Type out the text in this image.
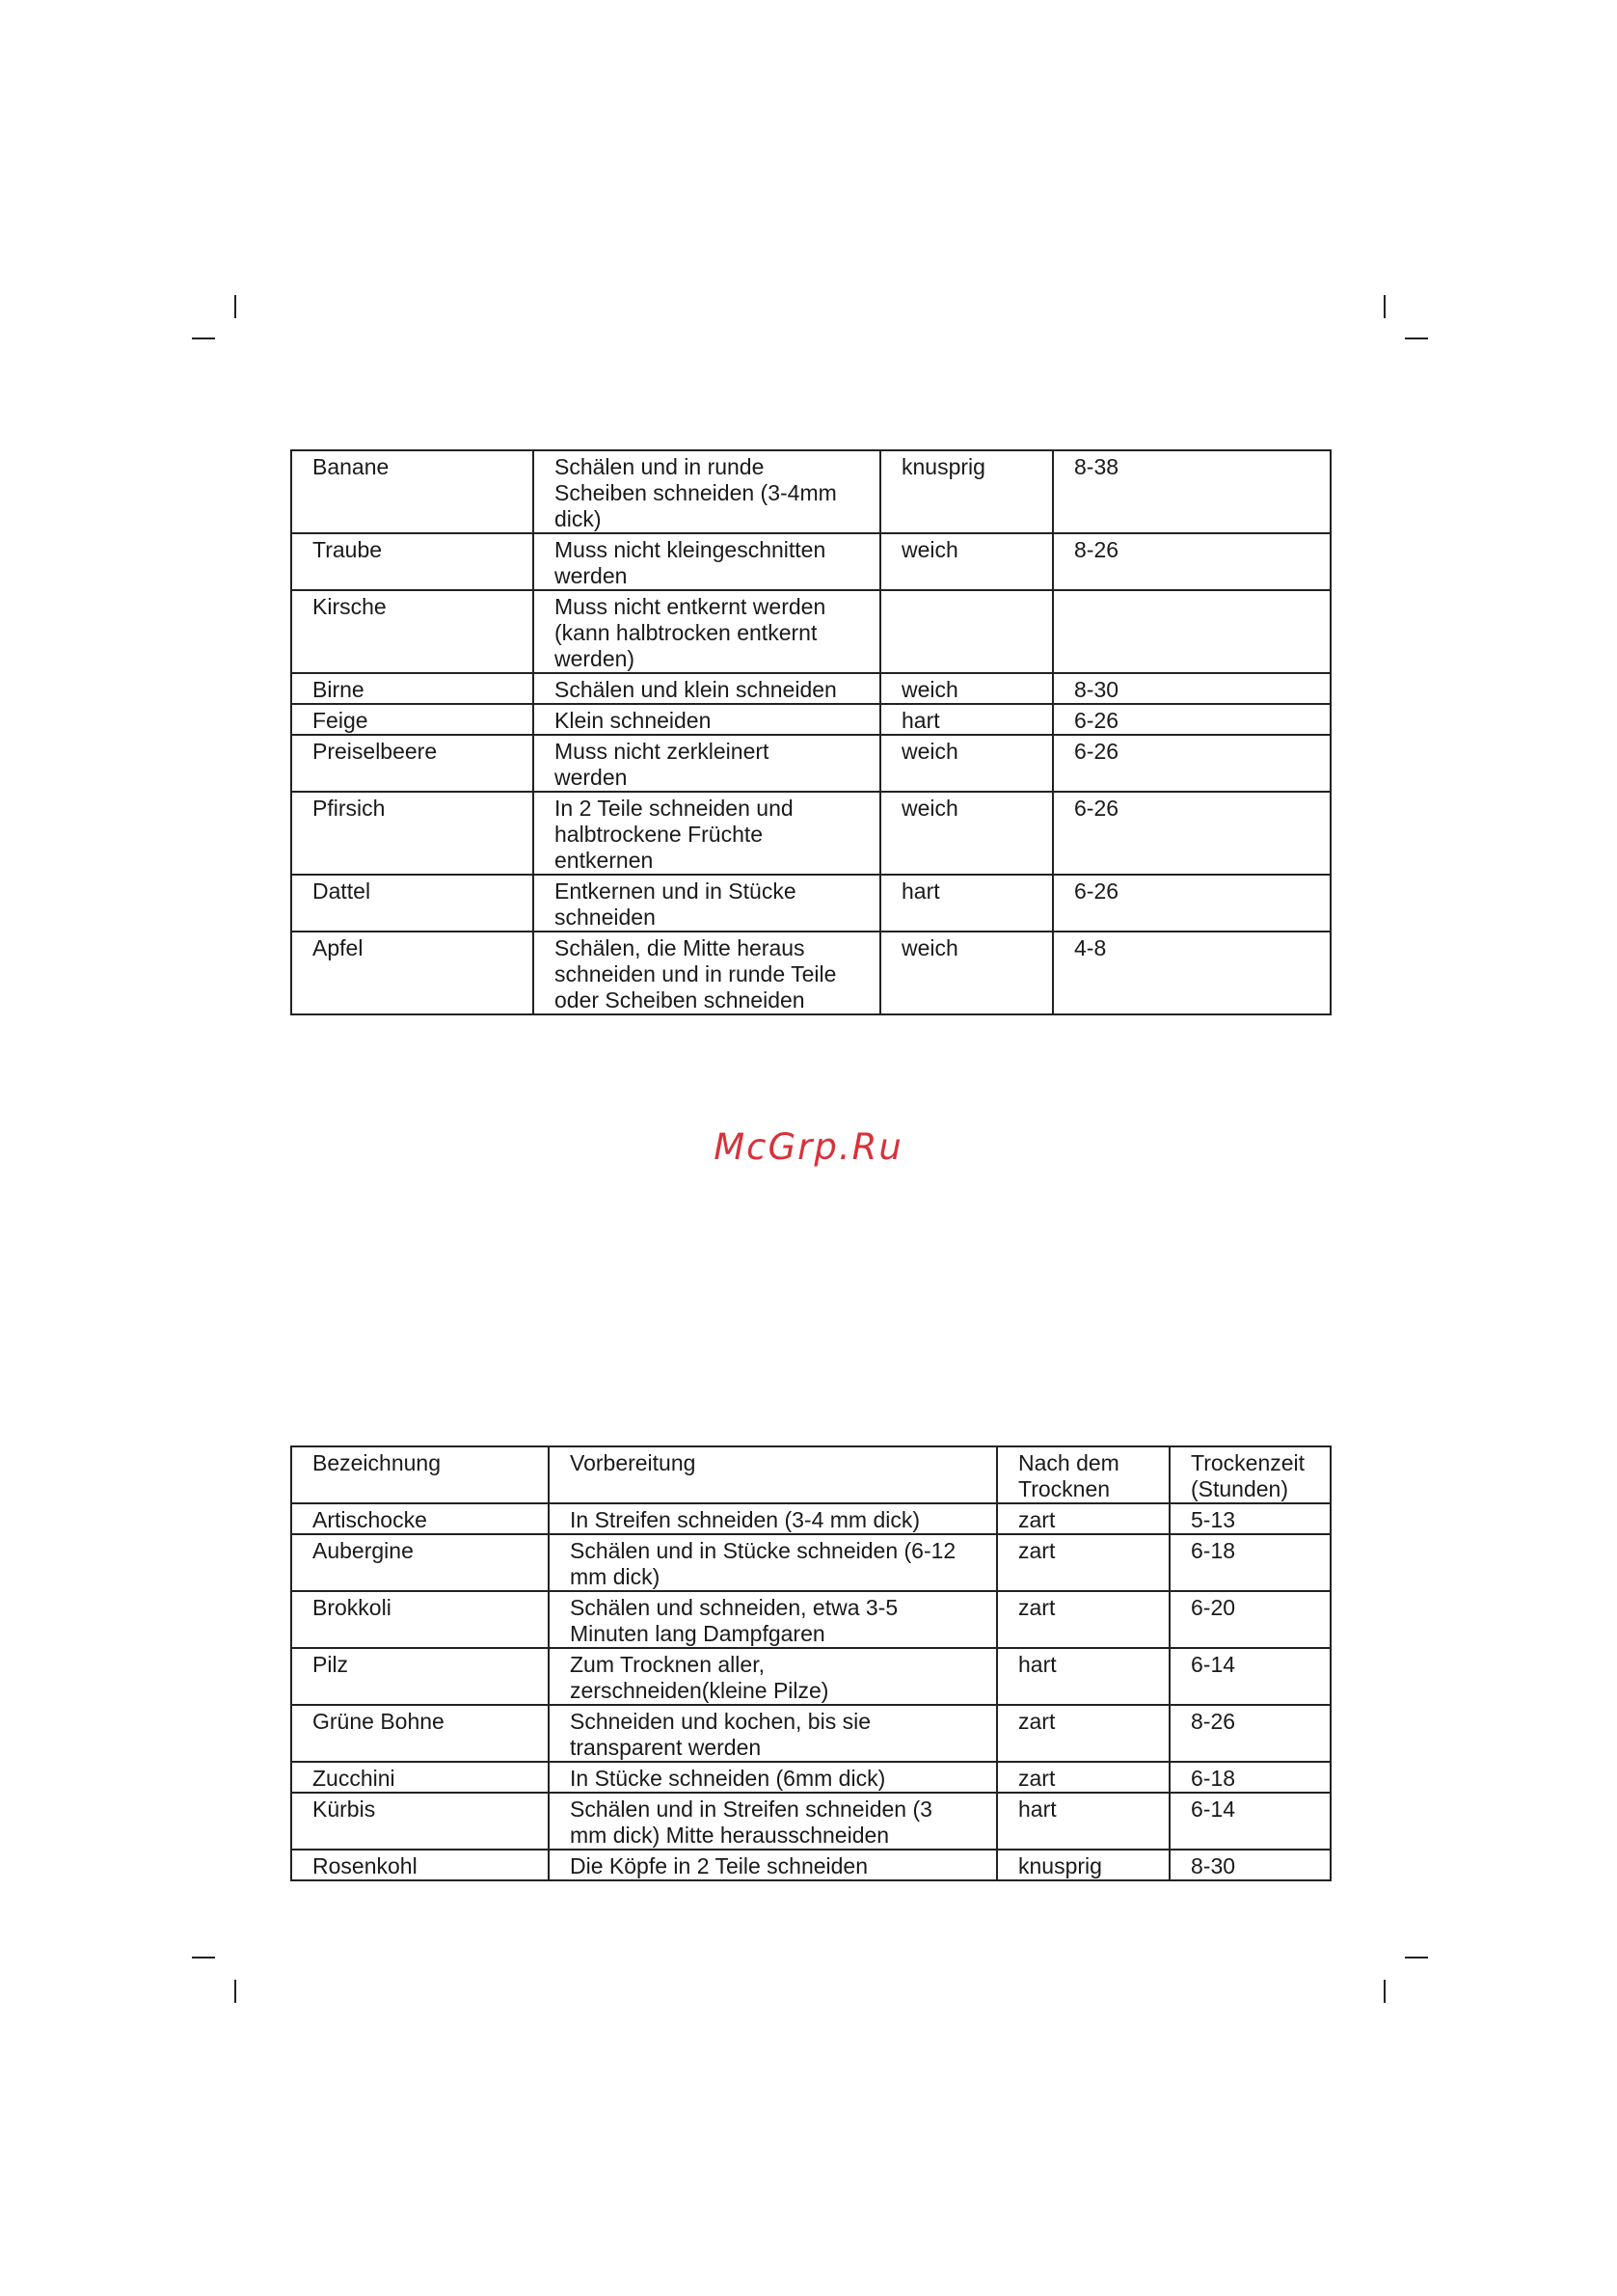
Banane	Schälen und in runde
Scheiben schneiden (3-4mm
dick)	knusprig	8-38
Traube	Muss nicht kleingeschnitten
werden	weich	8-26
Kirsche	Muss nicht entkernt werden
(kann halbtrocken entkernt
werden)		
Birne	Schälen und klein schneiden	weich	8-30
Feige	Klein schneiden	hart	6-26
Preiselbeere	Muss nicht zerkleinert
werden	weich	6-26
Pfirsich	In 2 Teile schneiden und
halbtrockene Früchte
entkernen	weich	6-26
Dattel	Entkernen und in Stücke
schneiden	hart	6-26
Apfel	Schälen, die Mitte heraus
schneiden und in runde Teile
oder Scheiben schneiden	weich	4-8
McGrp.Ru
Bezeichnung	Vorbereitung	Nach dem
Trocknen	Trockenzeit
(Stunden)
Artischocke	In Streifen schneiden (3-4 mm dick)	zart	5-13
Aubergine	Schälen und in Stücke schneiden (6-12
mm dick)	zart	6-18
Brokkoli	Schälen und schneiden, etwa 3-5
Minuten lang Dampfgaren	zart	6-20
Pilz	Zum Trocknen aller,
zerschneiden(kleine Pilze)	hart	6-14
Grüne Bohne	Schneiden und kochen, bis sie
transparent werden	zart	8-26
Zucchini	In Stücke schneiden (6mm dick)	zart	6-18
Kürbis	Schälen und in Streifen schneiden (3
mm dick) Mitte herausschneiden	hart	6-14
Rosenkohl	Die Köpfe in 2 Teile schneiden	knusprig	8-30
